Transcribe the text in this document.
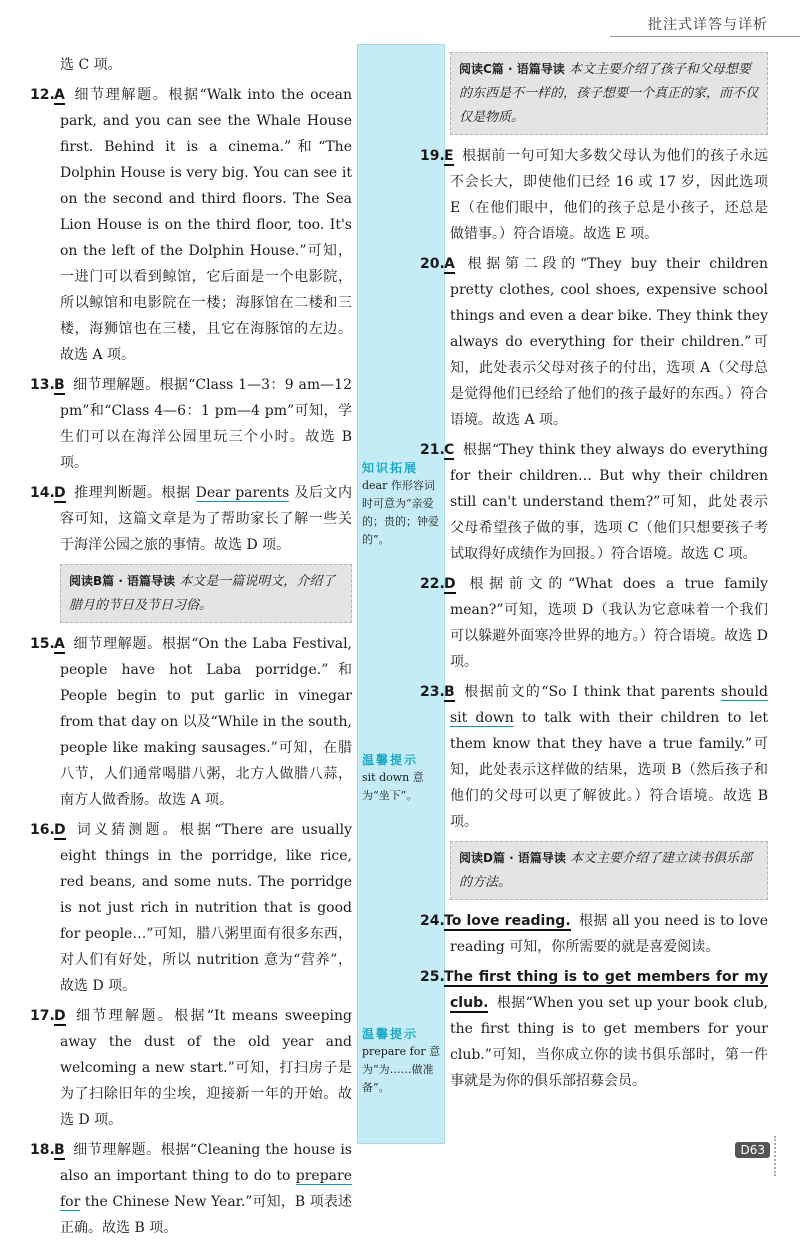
批注式详答与详析
选 C 项。
12.A 细节理解题。根据“Walk into the ocean park, and you can see the Whale House first. Behind it is a cinema.”和“The Dolphin House is very big. You can see it on the second and third floors. The Sea Lion House is on the third floor, too. It's on the left of the Dolphin House.”可知，一进门可以看到鲸馆，它后面是一个电影院，所以鲸馆和电影院在一楼；海豚馆在二楼和三楼，海狮馆也在三楼，且它在海豚馆的左边。故选 A 项。
13.B 细节理解题。根据“Class 1—3：9 am—12 pm”和“Class 4—6：1 pm—4 pm”可知，学生们可以在海洋公园里玩三个小时。故选 B 项。
14.D 推理判断题。根据 Dear parents 及后文内容可知，这篇文章是为了帮助家长了解一些关于海洋公园之旅的事情。故选 D 项。
阅读B篇 · 语篇导读 本文是一篇说明文，介绍了腊月的节日及节日习俗。
15.A 细节理解题。根据“On the Laba Festival, people have hot Laba porridge.”和 People begin to put garlic in vinegar from that day on 以及“While in the south, people like making sausages.”可知，在腊八节，人们通常喝腊八粥，北方人做腊八蒜，南方人做香肠。故选 A 项。
16.D 词义猜测题。根据“There are usually eight things in the porridge, like rice, red beans, and some nuts. The porridge is not just rich in nutrition that is good for people…”可知，腊八粥里面有很多东西，对人们有好处，所以 nutrition 意为“营养”，故选 D 项。
17.D 细节理解题。根据“It means sweeping away the dust of the old year and welcoming a new start.”可知，打扫房子是为了扫除旧年的尘埃，迎接新一年的开始。故选 D 项。
18.B 细节理解题。根据“Cleaning the house is also an important thing to do to prepare for the Chinese New Year.”可知，B 项表述正确。故选 B 项。
知识拓展
dear 作形容词时可意为“亲爱的；贵的；钟爱的”。
温馨提示
sit down 意为“坐下”。
温馨提示
prepare for 意为“为……做准备”。
阅读C篇 · 语篇导读 本文主要介绍了孩子和父母想要的东西是不一样的，孩子想要一个真正的家，而不仅仅是物质。
19.E 根据前一句可知大多数父母认为他们的孩子永远不会长大，即使他们已经 16 或 17 岁，因此选项 E（在他们眼中，他们的孩子总是小孩子，还总是做错事。）符合语境。故选 E 项。
20.A 根据第二段的“They buy their children pretty clothes, cool shoes, expensive school things and even a dear bike. They think they always do everything for their children.”可知，此处表示父母对孩子的付出，选项 A（父母总是觉得他们已经给了他们的孩子最好的东西。）符合语境。故选 A 项。
21.C 根据“They think they always do everything for their children… But why their children still can't understand them?”可知，此处表示父母希望孩子做的事，选项 C（他们只想要孩子考试取得好成绩作为回报。）符合语境。故选 C 项。
22.D 根据前文的“What does a true family mean?”可知，选项 D（我认为它意味着一个我们可以躲避外面寒冷世界的地方。）符合语境。故选 D 项。
23.B 根据前文的“So I think that parents should sit down to talk with their children to let them know that they have a true family.”可知，此处表示这样做的结果，选项 B（然后孩子和他们的父母可以更了解彼此。）符合语境。故选 B 项。
阅读D篇 · 语篇导读 本文主要介绍了建立读书俱乐部的方法。
24.To love reading. 根据 all you need is to love reading 可知，你所需要的就是喜爱阅读。
25.The first thing is to get members for my club. 根据“When you set up your book club, the first thing is to get members for your club.”可知，当你成立你的读书俱乐部时，第一件事就是为你的俱乐部招募会员。
D63
